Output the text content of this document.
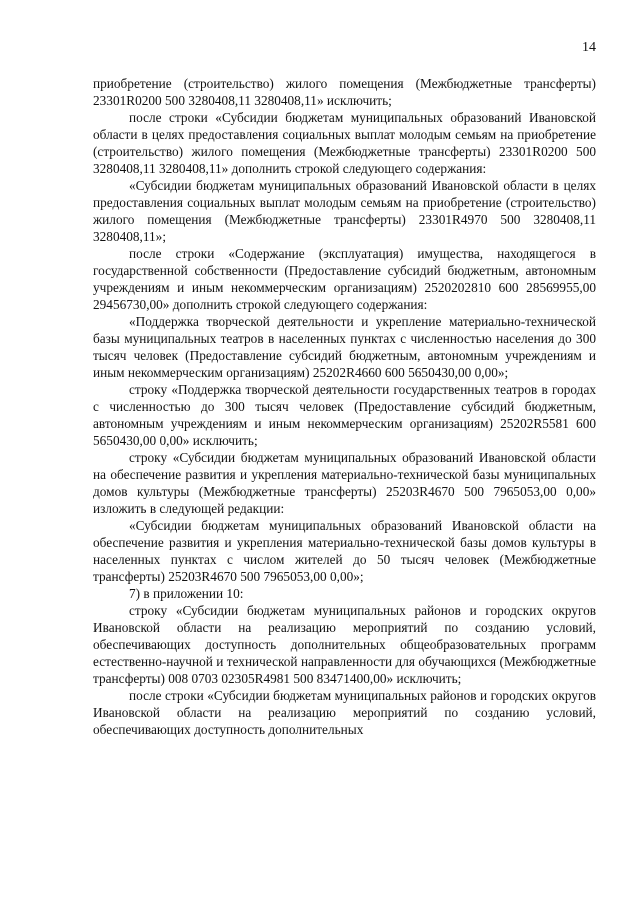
14

приобретение (строительство) жилого помещения (Межбюджетные трансферты) 23301R0200 500 3280408,11 3280408,11» исключить;

после строки «Субсидии бюджетам муниципальных образований Ивановской области в целях предоставления социальных выплат молодым семьям на приобретение (строительство) жилого помещения (Межбюджетные трансферты) 23301R0200 500 3280408,11 3280408,11» дополнить строкой следующего содержания:

«Субсидии бюджетам муниципальных образований Ивановской области в целях предоставления социальных выплат молодым семьям на приобретение (строительство) жилого помещения (Межбюджетные трансферты) 23301R4970 500 3280408,11 3280408,11»;

после строки «Содержание (эксплуатация) имущества, находящегося в государственной собственности (Предоставление субсидий бюджетным, автономным учреждениям и иным некоммерческим организациям) 2520202810 600 28569955,00 29456730,00» дополнить строкой следующего содержания:

«Поддержка творческой деятельности и укрепление материально-технической базы муниципальных театров в населенных пунктах с численностью населения до 300 тысяч человек (Предоставление субсидий бюджетным, автономным учреждениям и иным некоммерческим организациям) 25202R4660 600 5650430,00 0,00»;

строку «Поддержка творческой деятельности государственных театров в городах с численностью до 300 тысяч человек (Предоставление субсидий бюджетным, автономным учреждениям и иным некоммерческим организациям) 25202R5581 600 5650430,00 0,00» исключить;

строку «Субсидии бюджетам муниципальных образований Ивановской области на обеспечение развития и укрепления материально-технической базы муниципальных домов культуры (Межбюджетные трансферты) 25203R4670 500 7965053,00 0,00» изложить в следующей редакции:

«Субсидии бюджетам муниципальных образований Ивановской области на обеспечение развития и укрепления материально-технической базы домов культуры в населенных пунктах с числом жителей до 50 тысяч человек (Межбюджетные трансферты) 25203R4670 500 7965053,00 0,00»;

7) в приложении 10:

строку «Субсидии бюджетам муниципальных районов и городских округов Ивановской области на реализацию мероприятий по созданию условий, обеспечивающих доступность дополнительных общеобразовательных программ естественно-научной и технической направленности для обучающихся (Межбюджетные трансферты) 008 0703 02305R4981 500 83471400,00» исключить;

после строки «Субсидии бюджетам муниципальных районов и городских округов Ивановской области на реализацию мероприятий по созданию условий, обеспечивающих доступность дополнительных
